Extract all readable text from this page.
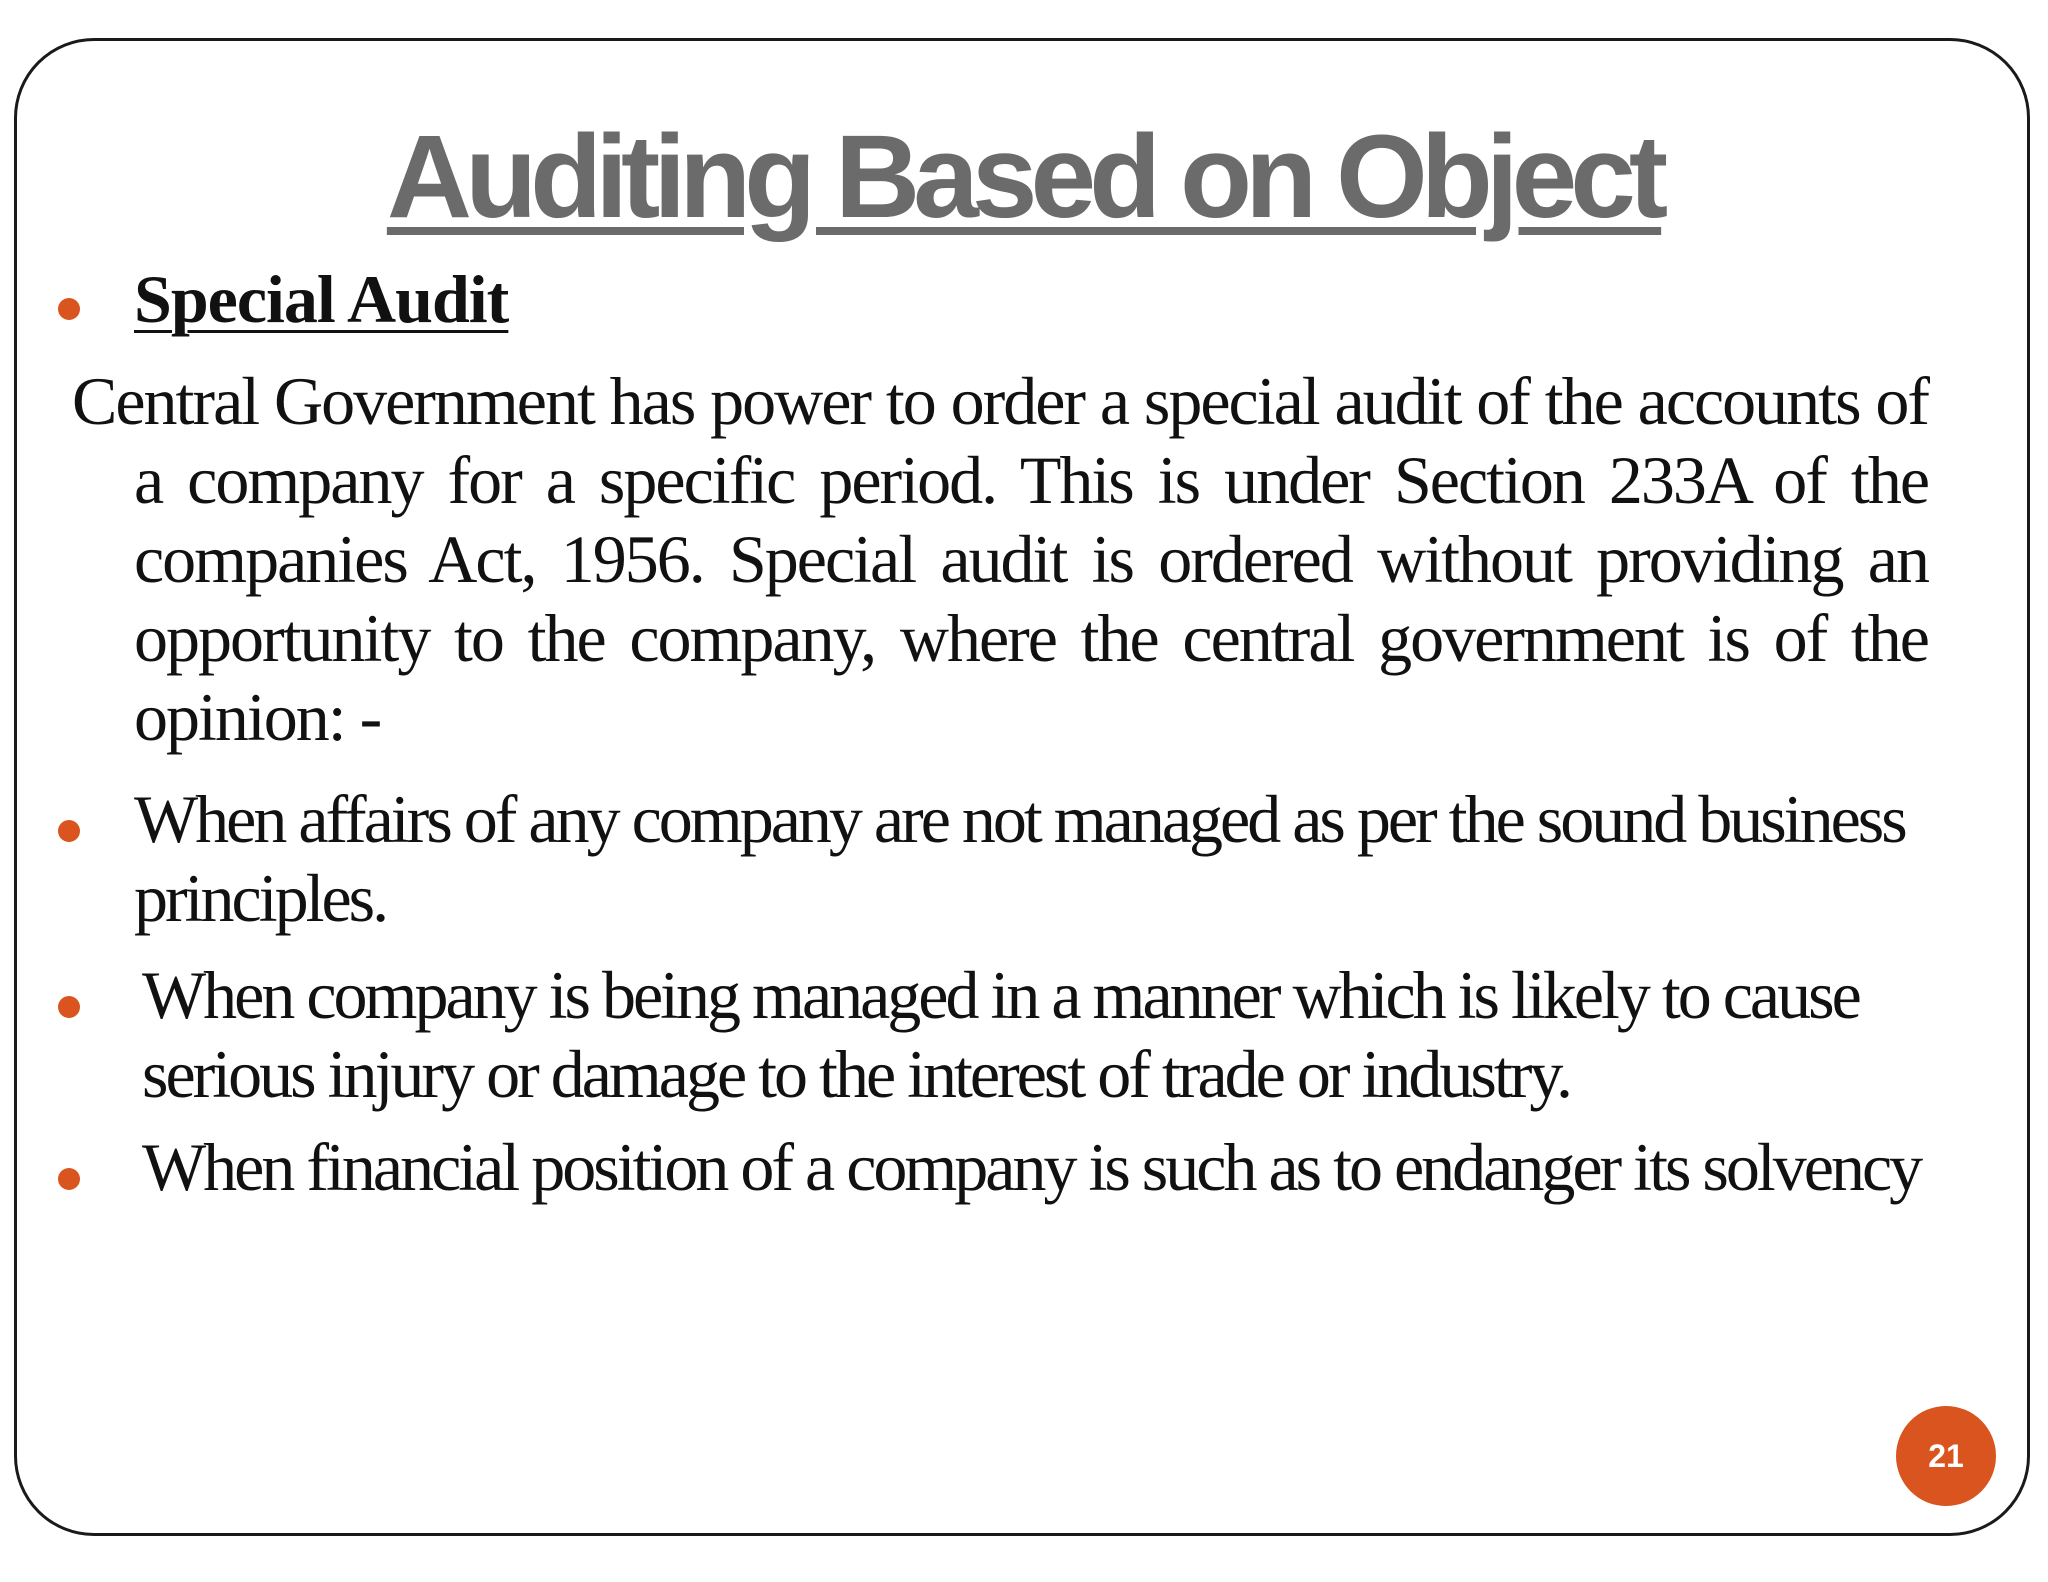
Auditing Based on Object
Special Audit
Central Government has power to order a special audit of the accounts of a company for a specific period. This is under Section 233A of the companies Act, 1956. Special audit is ordered without providing an opportunity to the company, where the central government is of the opinion: -
When affairs of any company are not managed as per the sound business principles.
When company is being managed in a manner which is likely to cause serious injury or damage to the interest of trade or industry.
When financial position of a company is such as to endanger its solvency
21
